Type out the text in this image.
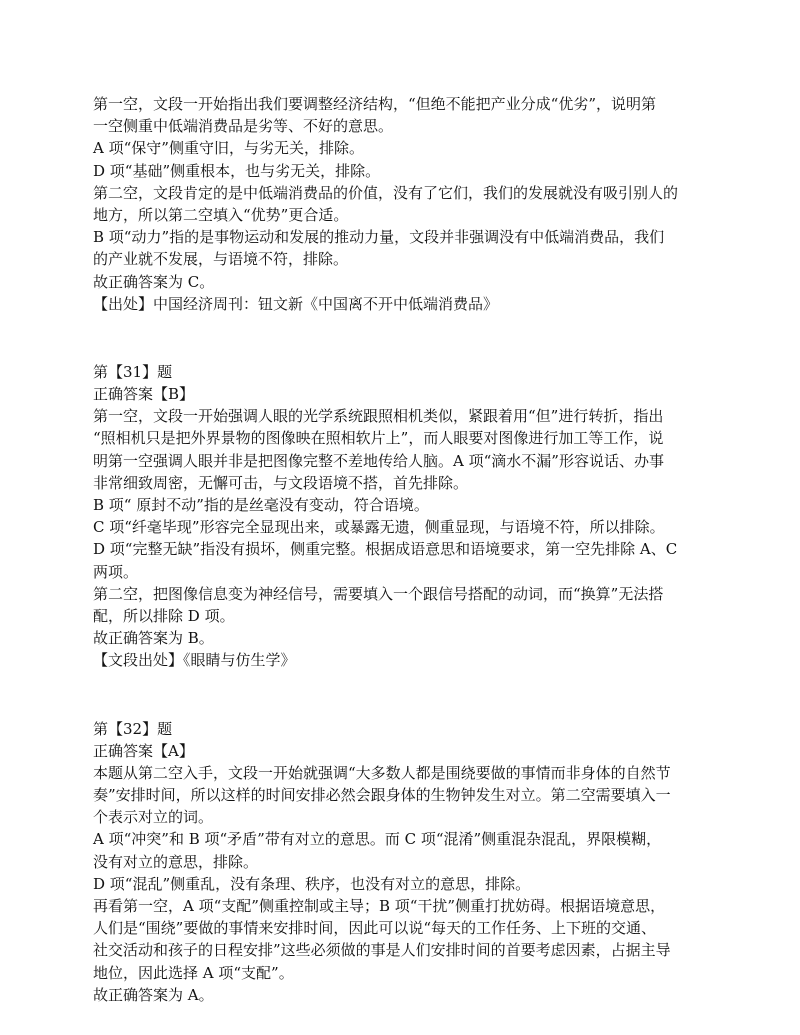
第一空，文段一开始指出我们要调整经济结构，“但绝不能把产业分成“优劣”，说明第

一空侧重中低端消费品是劣等、不好的意思。

A 项“保守”侧重守旧，与劣无关，排除。

D 项“基础”侧重根本，也与劣无关，排除。

第二空，文段肯定的是中低端消费品的价值，没有了它们，我们的发展就没有吸引别人的

地方，所以第二空填入“优势”更合适。

B 项“动力”指的是事物运动和发展的推动力量，文段并非强调没有中低端消费品，我们

的产业就不发展，与语境不符，排除。

故正确答案为 C。

【出处】中国经济周刊：钮文新《中国离不开中低端消费品》

第【31】题

正确答案【B】

第一空，文段一开始强调人眼的光学系统跟照相机类似，紧跟着用“但”进行转折，指出

“照相机只是把外界景物的图像映在照相软片上”，而人眼要对图像进行加工等工作，说

明第一空强调人眼并非是把图像完整不差地传给人脑。A 项“滴水不漏”形容说话、办事

非常细致周密，无懈可击，与文段语境不搭，首先排除。

B 项“ 原封不动”指的是丝毫没有变动，符合语境。

C 项“纤毫毕现”形容完全显现出来，或暴露无遗，侧重显现，与语境不符，所以排除。

D 项“完整无缺”指没有损坏，侧重完整。根据成语意思和语境要求，第一空先排除 A、C

两项。

第二空，把图像信息变为神经信号，需要填入一个跟信号搭配的动词，而“换算”无法搭

配，所以排除 D 项。

故正确答案为 B。

【文段出处】《眼睛与仿生学》

第【32】题

正确答案【A】

本题从第二空入手，文段一开始就强调“大多数人都是围绕要做的事情而非身体的自然节

奏”安排时间，所以这样的时间安排必然会跟身体的生物钟发生对立。第二空需要填入一

个表示对立的词。

A 项“冲突”和 B 项“矛盾”带有对立的意思。而 C 项“混淆”侧重混杂混乱，界限模糊，

没有对立的意思，排除。

D 项“混乱”侧重乱，没有条理、秩序，也没有对立的意思，排除。

再看第一空，A 项“支配”侧重控制或主导；B 项“干扰”侧重打扰妨碍。根据语境意思，

人们是“围绕”要做的事情来安排时间，因此可以说“每天的工作任务、上下班的交通、

社交活动和孩子的日程安排”这些必须做的事是人们安排时间的首要考虑因素，占据主导

地位，因此选择 A 项“支配”。

故正确答案为 A。
